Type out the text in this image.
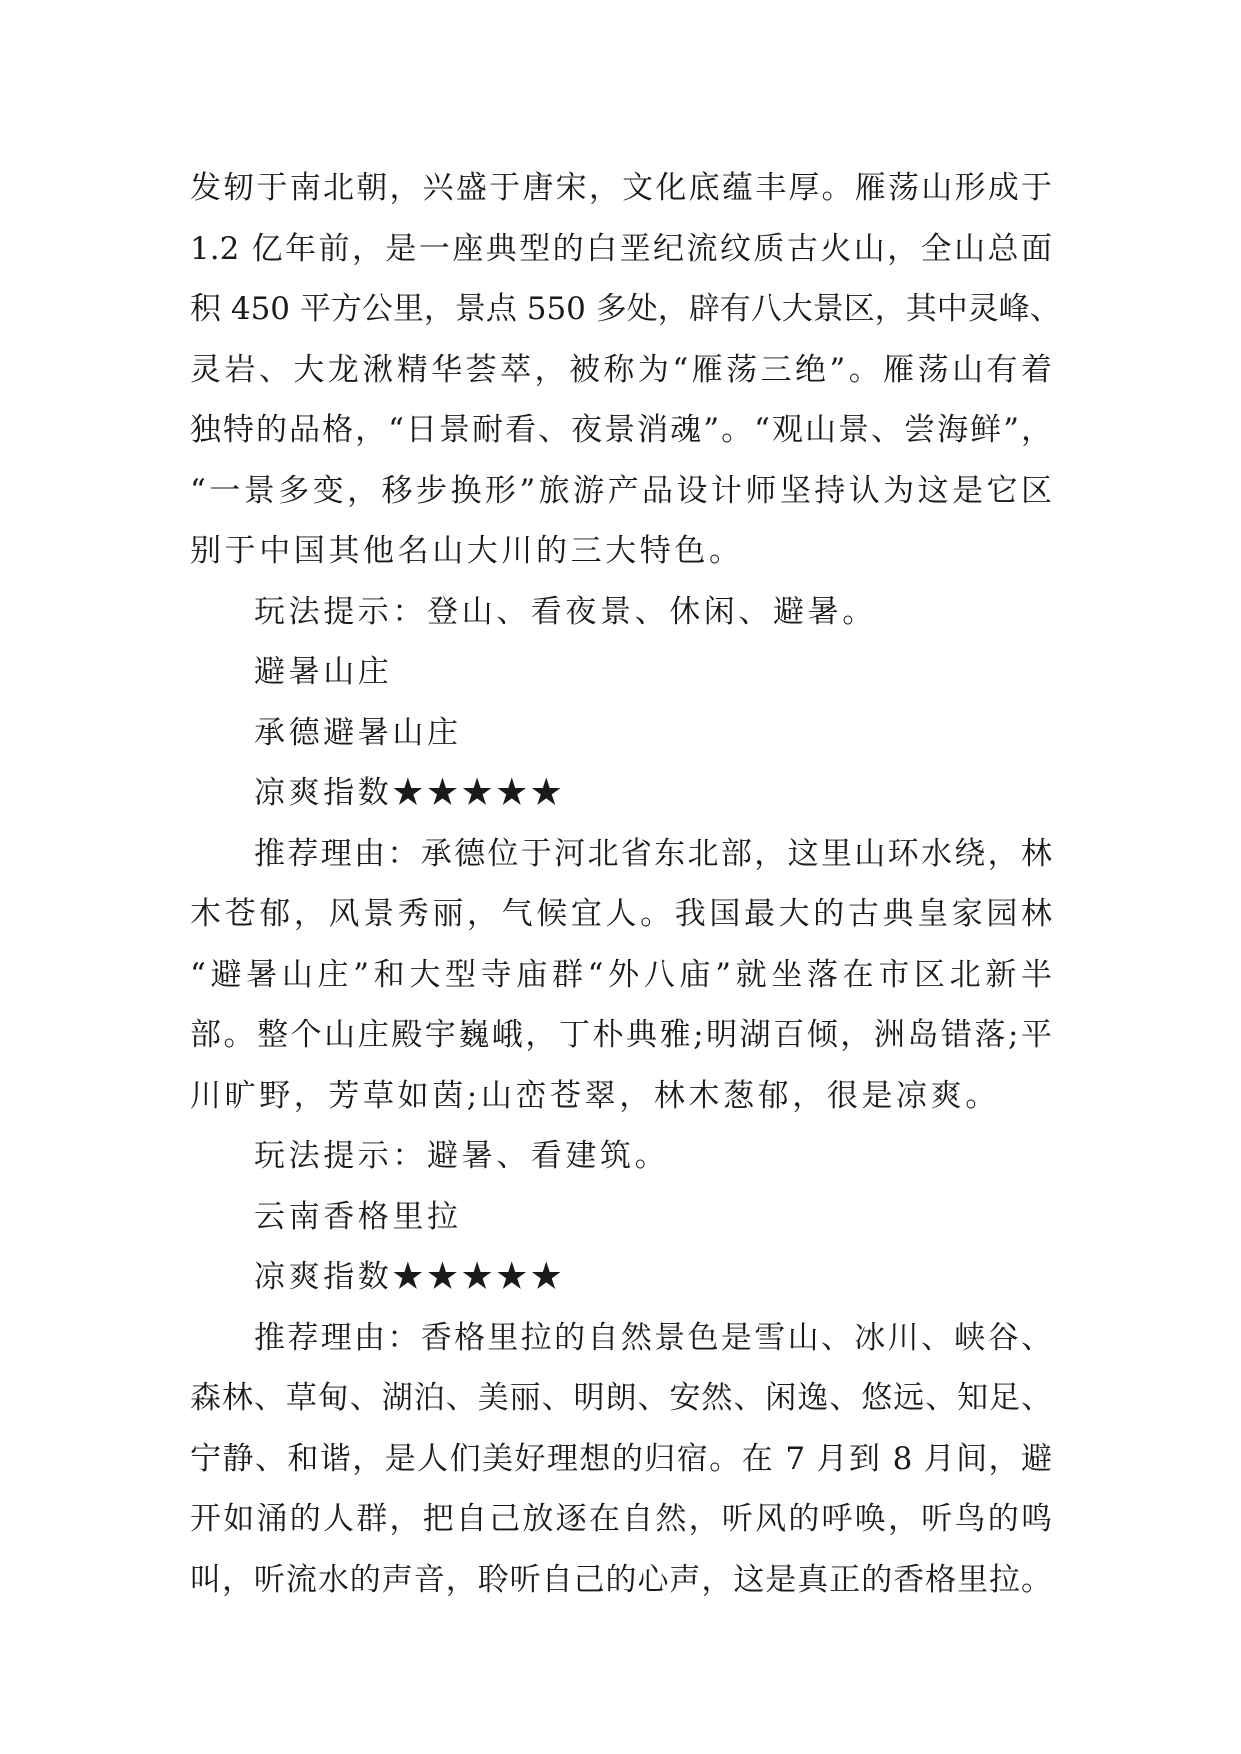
发轫于南北朝，兴盛于唐宋，文化底蕴丰厚。雁荡山形成于
1.2 亿年前，是一座典型的白垩纪流纹质古火山，全山总面
积 450 平方公里，景点 550 多处，辟有八大景区，其中灵峰、
灵岩、大龙湫精华荟萃，被称为“雁荡三绝”。雁荡山有着
独特的品格，“日景耐看、夜景消魂”。“观山景、尝海鲜”，
“一景多变，移步换形”旅游产品设计师坚持认为这是它区
别于中国其他名山大川的三大特色。
玩法提示：登山、看夜景、休闲、避暑。
避暑山庄
承德避暑山庄
凉爽指数★★★★★
推荐理由：承德位于河北省东北部，这里山环水绕，林
木苍郁，风景秀丽，气候宜人。我国最大的古典皇家园林
“避暑山庄”和大型寺庙群“外八庙”就坐落在市区北新半
部。整个山庄殿宇巍峨，丁朴典雅;明湖百倾，洲岛错落;平
川旷野，芳草如茵;山峦苍翠，林木葱郁，很是凉爽。
玩法提示：避暑、看建筑。
云南香格里拉
凉爽指数★★★★★
推荐理由：香格里拉的自然景色是雪山、冰川、峡谷、
森林、草甸、湖泊、美丽、明朗、安然、闲逸、悠远、知足、
宁静、和谐，是人们美好理想的归宿。在 7 月到 8 月间，避
开如涌的人群，把自己放逐在自然，听风的呼唤，听鸟的鸣
叫，听流水的声音，聆听自己的心声，这是真正的香格里拉。
